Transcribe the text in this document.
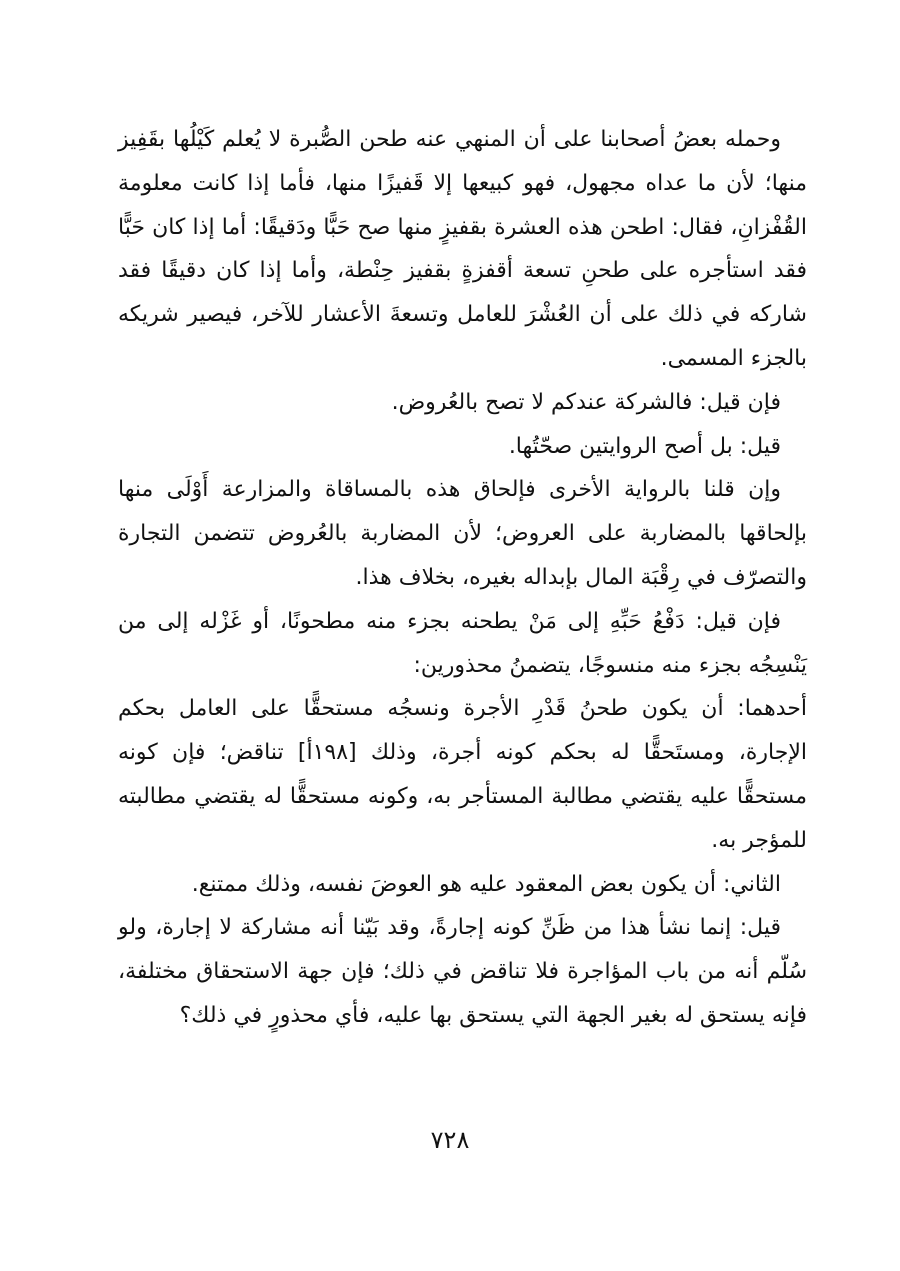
وحمله بعضُ أصحابنا على أن المنهي عنه طحن الصُّبرة لا يُعلم كَيْلُها بقَفِيز منها؛ لأن ما عداه مجهول، فهو كبيعها إلا قَفيزًا منها، فأما إذا كانت معلومة القُفْزانِ، فقال: اطحن هذه العشرة بقفيزٍ منها صح حَبًّا ودَقيقًا: أما إذا كان حَبًّا فقد استأجره على طحنِ تسعة أقفزةٍ بقفيز حِنْطة، وأما إذا كان دقيقًا فقد شاركه في ذلك على أن العُشْرَ للعامل وتسعةَ الأعشار للآخر، فيصير شريكه بالجزء المسمى.

فإن قيل: فالشركة عندكم لا تصح بالعُروض.

قيل: بل أصح الروايتين صحّتُها.

وإن قلنا بالرواية الأخرى فإلحاق هذه بالمساقاة والمزارعة أَوْلَى منها بإلحاقها بالمضاربة على العروض؛ لأن المضاربة بالعُروض تتضمن التجارة والتصرّف في رِقْبَة المال بإبداله بغيره، بخلاف هذا.

فإن قيل: دَفْعُ حَبِّهِ إلى مَنْ يطحنه بجزء منه مطحونًا، أو غَزْله إلى من يَنْسِجُه بجزء منه منسوجًا، يتضمنُ محذورين:

أحدهما: أن يكون طحنُ قَدْرِ الأجرة ونسجُه مستحقًّا على العامل بحكم الإجارة، ومستَحقًّا له بحكم كونه أجرة، وذلك [١٩٨أ] تناقض؛ فإن كونه مستحقًّا عليه يقتضي مطالبة المستأجر به، وكونه مستحقًّا له يقتضي مطالبته للمؤجر به.

الثاني: أن يكون بعض المعقود عليه هو العوضَ نفسه، وذلك ممتنع.

قيل: إنما نشأ هذا من ظَنِّ كونه إجارةً، وقد بَيّنا أنه مشاركة لا إجارة، ولو سُلّم أنه من باب المؤاجرة فلا تناقض في ذلك؛ فإن جهة الاستحقاق مختلفة، فإنه يستحق له بغير الجهة التي يستحق بها عليه، فأي محذورٍ في ذلك؟

٧٢٨
